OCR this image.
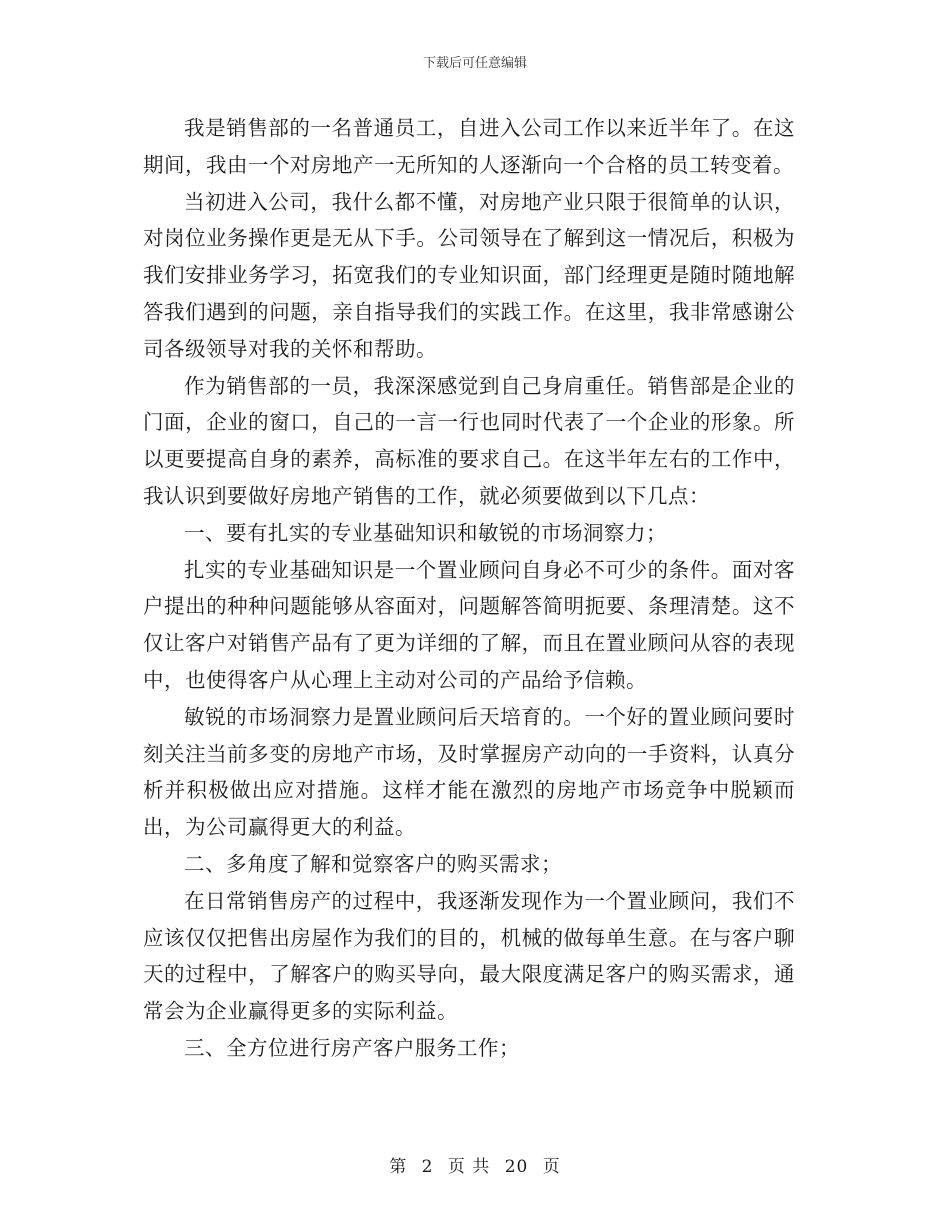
下载后可任意编辑

我是销售部的一名普通员工，自进入公司工作以来近半年了。在这期间，我由一个对房地产一无所知的人逐渐向一个合格的员工转变着。

当初进入公司，我什么都不懂，对房地产业只限于很简单的认识，对岗位业务操作更是无从下手。公司领导在了解到这一情况后，积极为我们安排业务学习，拓宽我们的专业知识面，部门经理更是随时随地解答我们遇到的问题，亲自指导我们的实践工作。在这里，我非常感谢公司各级领导对我的关怀和帮助。

作为销售部的一员，我深深感觉到自己身肩重任。销售部是企业的门面，企业的窗口，自己的一言一行也同时代表了一个企业的形象。所以更要提高自身的素养，高标准的要求自己。在这半年左右的工作中，我认识到要做好房地产销售的工作，就必须要做到以下几点：

一、要有扎实的专业基础知识和敏锐的市场洞察力；

扎实的专业基础知识是一个置业顾问自身必不可少的条件。面对客户提出的种种问题能够从容面对，问题解答简明扼要、条理清楚。这不仅让客户对销售产品有了更为详细的了解，而且在置业顾问从容的表现中，也使得客户从心理上主动对公司的产品给予信赖。

敏锐的市场洞察力是置业顾问后天培育的。一个好的置业顾问要时刻关注当前多变的房地产市场，及时掌握房产动向的一手资料，认真分析并积极做出应对措施。这样才能在激烈的房地产市场竞争中脱颖而出，为公司赢得更大的利益。

二、多角度了解和觉察客户的购买需求；

在日常销售房产的过程中，我逐渐发现作为一个置业顾问，我们不应该仅仅把售出房屋作为我们的目的，机械的做每单生意。在与客户聊天的过程中，了解客户的购买导向，最大限度满足客户的购买需求，通常会为企业赢得更多的实际利益。

三、全方位进行房产客户服务工作；

第 2 页 共 20 页
